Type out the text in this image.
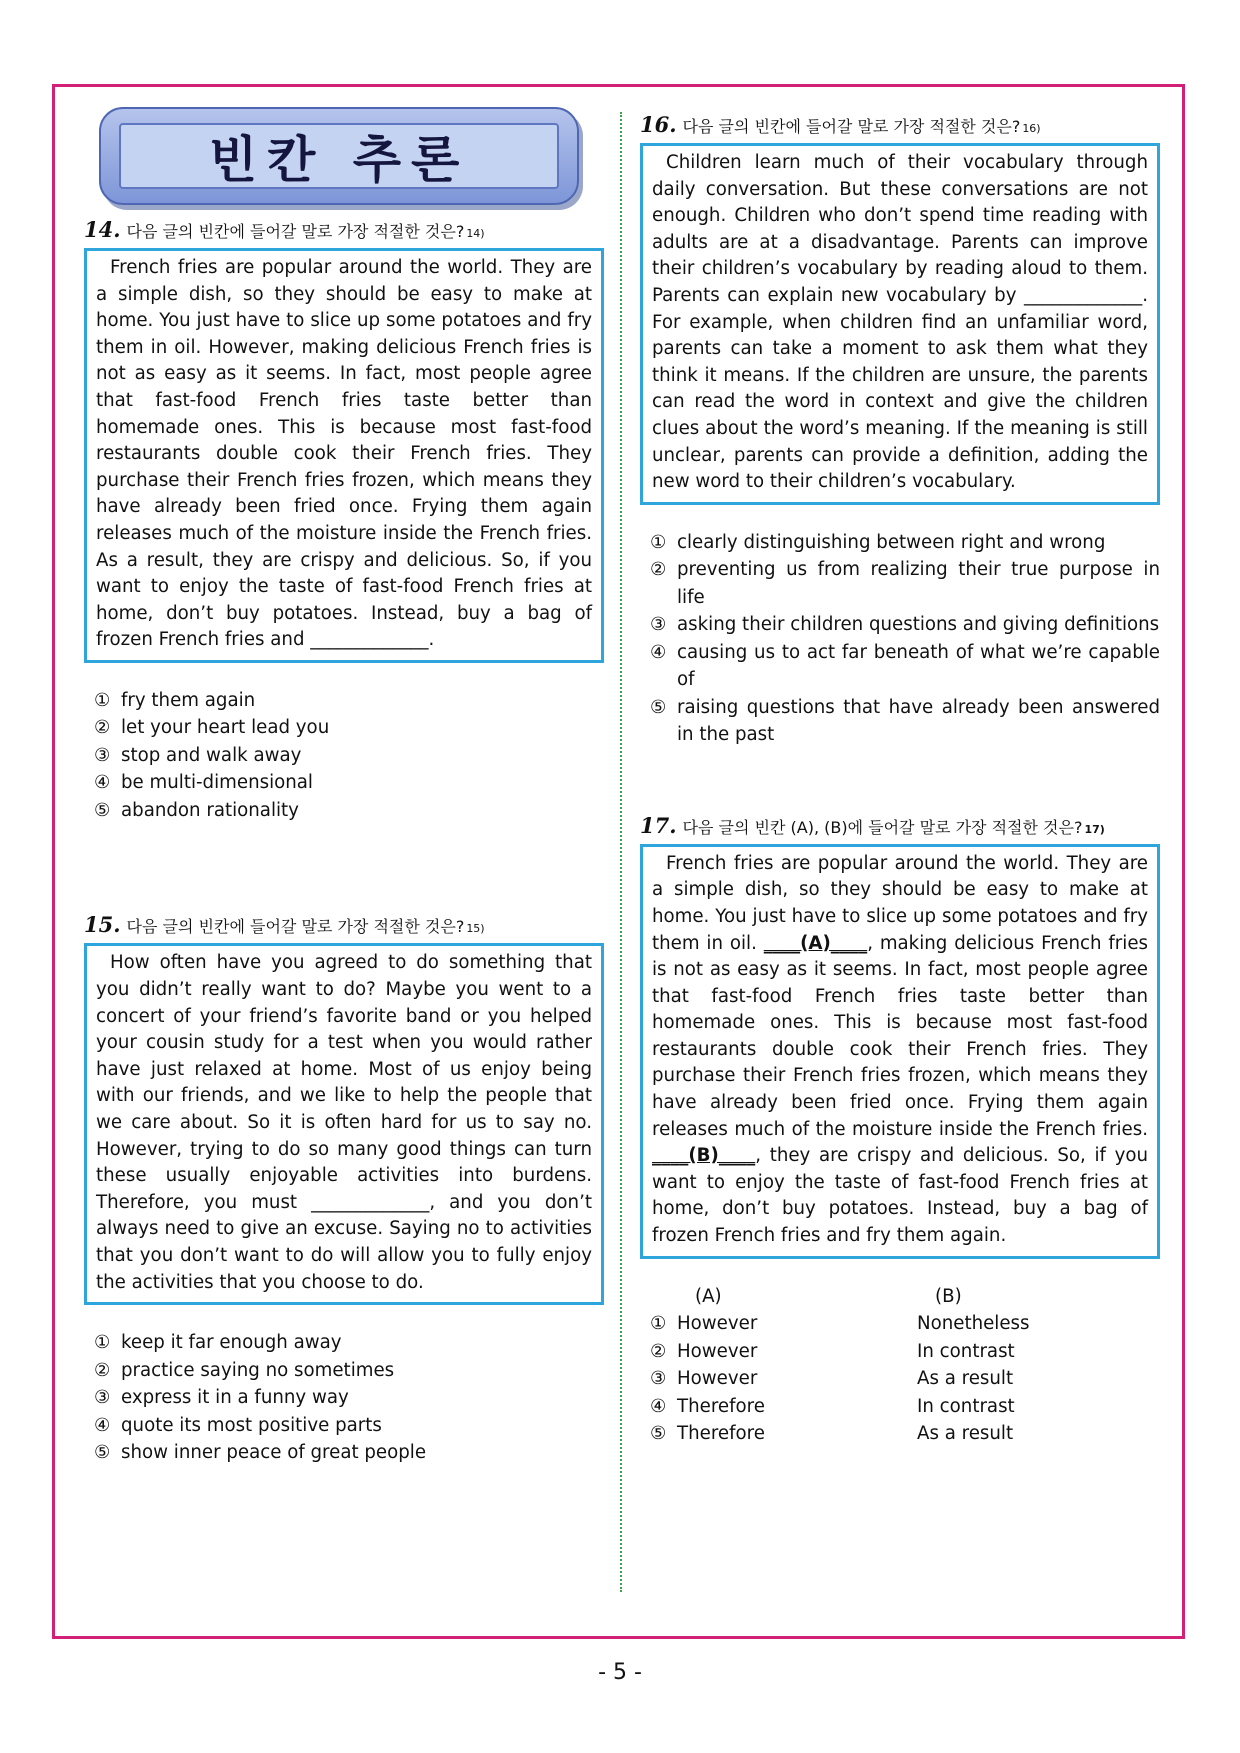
빈칸 추론
14. 다음 글의 빈칸에 들어갈 말로 가장 적절한 것은? 14)

French fries are popular around the world. They are a simple dish, so they should be easy to make at home. You just have to slice up some potatoes and fry them in oil. However, making delicious French fries is not as easy as it seems. In fact, most people agree that fast-food French fries taste better than homemade ones. This is because most fast-food restaurants double cook their French fries. They purchase their French fries frozen, which means they have already been fried once. Frying them again releases much of the moisture inside the French fries. As a result, they are crispy and delicious. So, if you want to enjoy the taste of fast-food French fries at home, don’t buy potatoes. Instead, buy a bag of frozen French fries and _____________.

① fry them again
② let your heart lead you
③ stop and walk away
④ be multi-dimensional
⑤ abandon rationality
15. 다음 글의 빈칸에 들어갈 말로 가장 적절한 것은? 15)

How often have you agreed to do something that you didn’t really want to do? Maybe you went to a concert of your friend’s favorite band or you helped your cousin study for a test when you would rather have just relaxed at home. Most of us enjoy being with our friends, and we like to help the people that we care about. So it is often hard for us to say no. However, trying to do so many good things can turn these usually enjoyable activities into burdens. Therefore, you must _____________, and you don’t always need to give an excuse. Saying no to activities that you don’t want to do will allow you to fully enjoy the activities that you choose to do.

① keep it far enough away
② practice saying no sometimes
③ express it in a funny way
④ quote its most positive parts
⑤ show inner peace of great people
16. 다음 글의 빈칸에 들어갈 말로 가장 적절한 것은? 16)

Children learn much of their vocabulary through daily conversation. But these conversations are not enough. Children who don’t spend time reading with adults are at a disadvantage. Parents can improve their children’s vocabulary by reading aloud to them. Parents can explain new vocabulary by _____________. For example, when children find an unfamiliar word, parents can take a moment to ask them what they think it means. If the children are unsure, the parents can read the word in context and give the children clues about the word’s meaning. If the meaning is still unclear, parents can provide a definition, adding the new word to their children’s vocabulary.

① clearly distinguishing between right and wrong
② preventing us from realizing their true purpose in life
③ asking their children questions and giving definitions
④ causing us to act far beneath of what we’re capable of
⑤ raising questions that have already been answered in the past
17. 다음 글의 빈칸 (A), (B)에 들어갈 말로 가장 적절한 것은? 17)

French fries are popular around the world. They are a simple dish, so they should be easy to make at home. You just have to slice up some potatoes and fry them in oil. ____(A)____, making delicious French fries is not as easy as it seems. In fact, most people agree that fast-food French fries taste better than homemade ones. This is because most fast-food restaurants double cook their French fries. They purchase their French fries frozen, which means they have already been fried once. Frying them again releases much of the moisture inside the French fries. ____(B)____, they are crispy and delicious. So, if you want to enjoy the taste of fast-food French fries at home, don’t buy potatoes. Instead, buy a bag of frozen French fries and fry them again.

	(A)	(B)
①	However	Nonetheless
②	However	In contrast
③	However	As a result
④	Therefore	In contrast
⑤	Therefore	As a result
- 5 -
